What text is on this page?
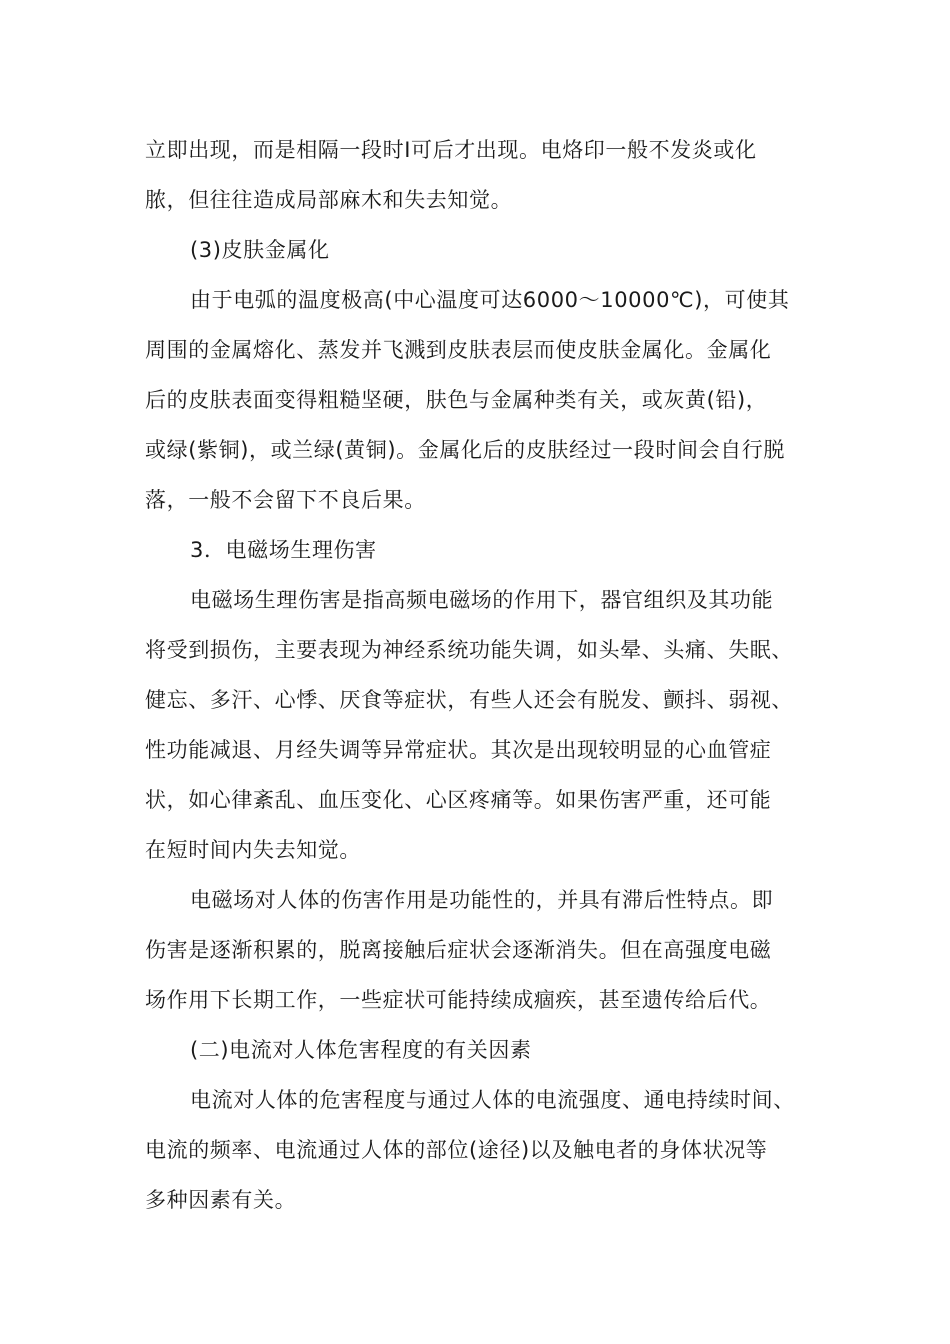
立即出现，而是相隔一段时I可后才出现。电烙印一般不发炎或化
脓，但往往造成局部麻木和失去知觉。
(3)皮肤金属化
由于电弧的温度极高(中心温度可达6000～10000℃)，可使其
周围的金属熔化、蒸发并飞溅到皮肤表层而使皮肤金属化。金属化
后的皮肤表面变得粗糙坚硬，肤色与金属种类有关，或灰黄(铅)，
或绿(紫铜)，或兰绿(黄铜)。金属化后的皮肤经过一段时间会自行脱
落，一般不会留下不良后果。
3．电磁场生理伤害
电磁场生理伤害是指高频电磁场的作用下，器官组织及其功能
将受到损伤，主要表现为神经系统功能失调，如头晕、头痛、失眠、
健忘、多汗、心悸、厌食等症状，有些人还会有脱发、颤抖、弱视、
性功能减退、月经失调等异常症状。其次是出现较明显的心血管症
状，如心律紊乱、血压变化、心区疼痛等。如果伤害严重，还可能
在短时间内失去知觉。
电磁场对人体的伤害作用是功能性的，并具有滞后性特点。即
伤害是逐渐积累的，脱离接触后症状会逐渐消失。但在高强度电磁
场作用下长期工作，一些症状可能持续成痼疾，甚至遗传给后代。
(二)电流对人体危害程度的有关因素
电流对人体的危害程度与通过人体的电流强度、通电持续时间、
电流的频率、电流通过人体的部位(途径)以及触电者的身体状况等
多种因素有关。
